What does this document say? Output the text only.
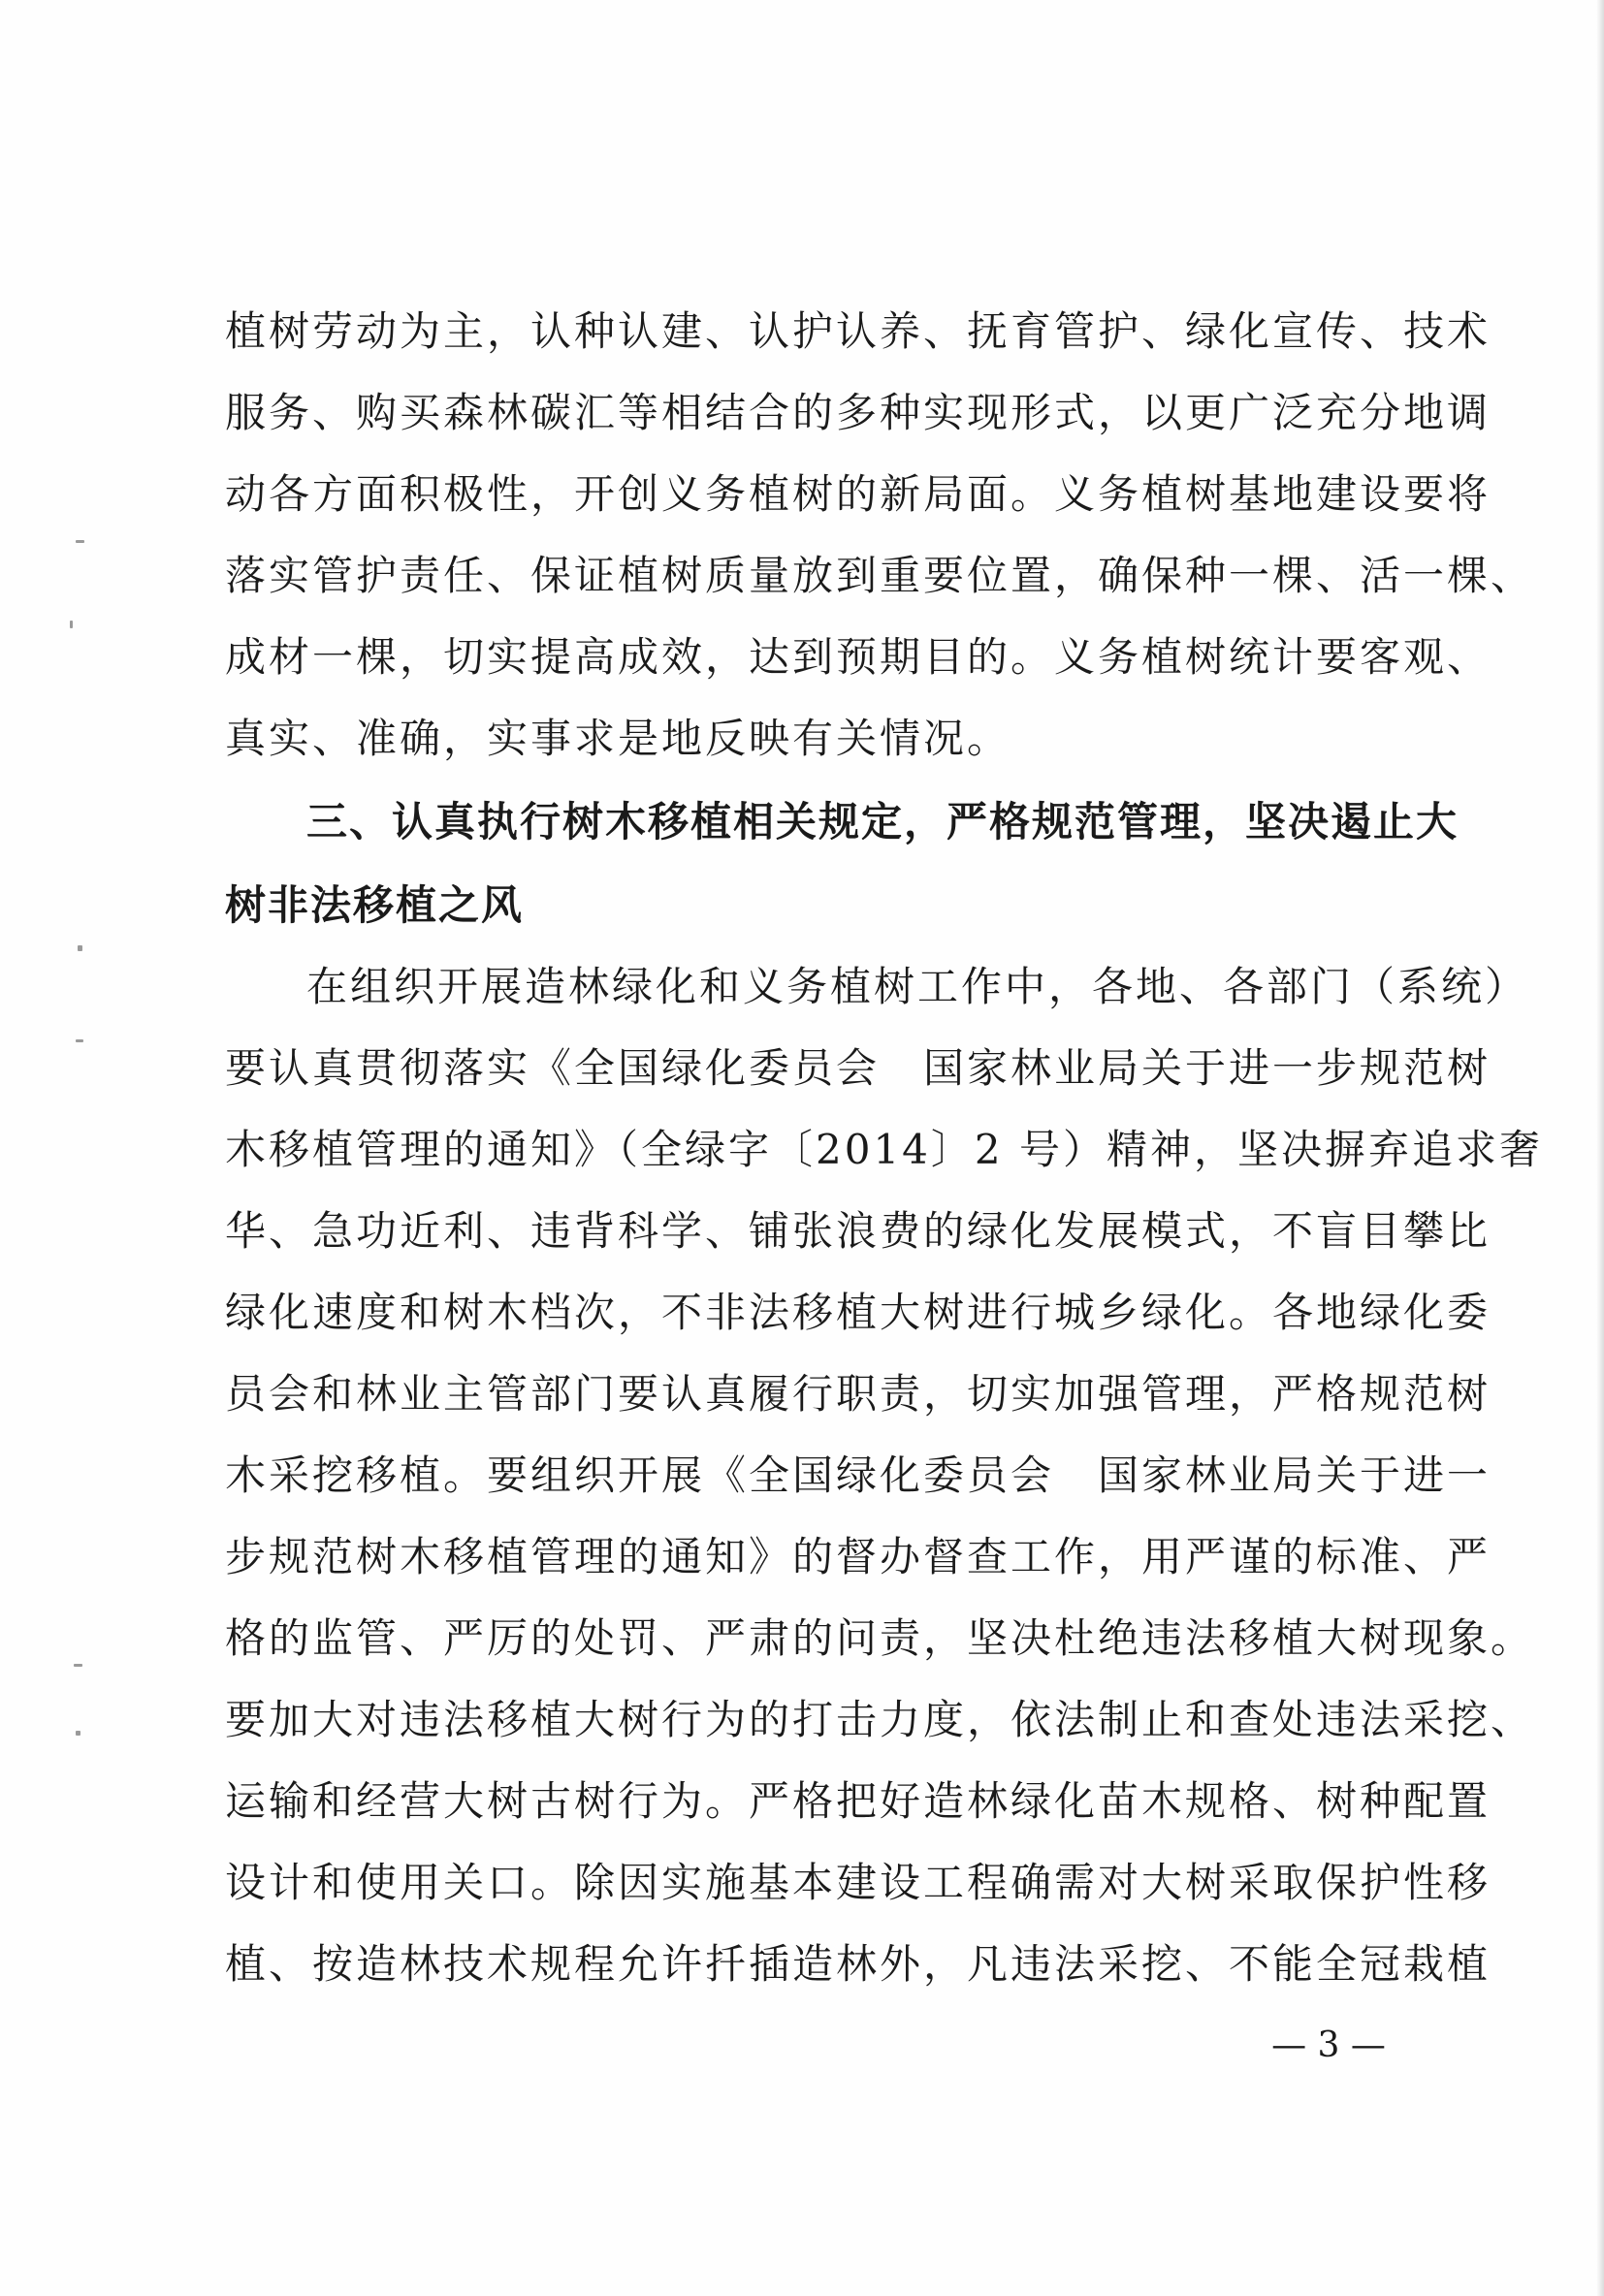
植树劳动为主，认种认建、认护认养、抚育管护、绿化宣传、技术
服务、购买森林碳汇等相结合的多种实现形式，以更广泛充分地调
动各方面积极性，开创义务植树的新局面。义务植树基地建设要将
落实管护责任、保证植树质量放到重要位置，确保种一棵、活一棵、
成材一棵，切实提高成效，达到预期目的。义务植树统计要客观、
真实、准确，实事求是地反映有关情况。
三、认真执行树木移植相关规定，严格规范管理，坚决遏止大
树非法移植之风
在组织开展造林绿化和义务植树工作中，各地、各部门（系统）
要认真贯彻落实《全国绿化委员会　国家林业局关于进一步规范树
木移植管理的通知》（全绿字〔2014〕2 号）精神，坚决摒弃追求奢
华、急功近利、违背科学、铺张浪费的绿化发展模式，不盲目攀比
绿化速度和树木档次，不非法移植大树进行城乡绿化。各地绿化委
员会和林业主管部门要认真履行职责，切实加强管理，严格规范树
木采挖移植。要组织开展《全国绿化委员会　国家林业局关于进一
步规范树木移植管理的通知》的督办督查工作，用严谨的标准、严
格的监管、严厉的处罚、严肃的问责，坚决杜绝违法移植大树现象。
要加大对违法移植大树行为的打击力度，依法制止和查处违法采挖、
运输和经营大树古树行为。严格把好造林绿化苗木规格、树种配置
设计和使用关口。除因实施基本建设工程确需对大树采取保护性移
植、按造林技术规程允许扦插造林外，凡违法采挖、不能全冠栽植
— 3 —
